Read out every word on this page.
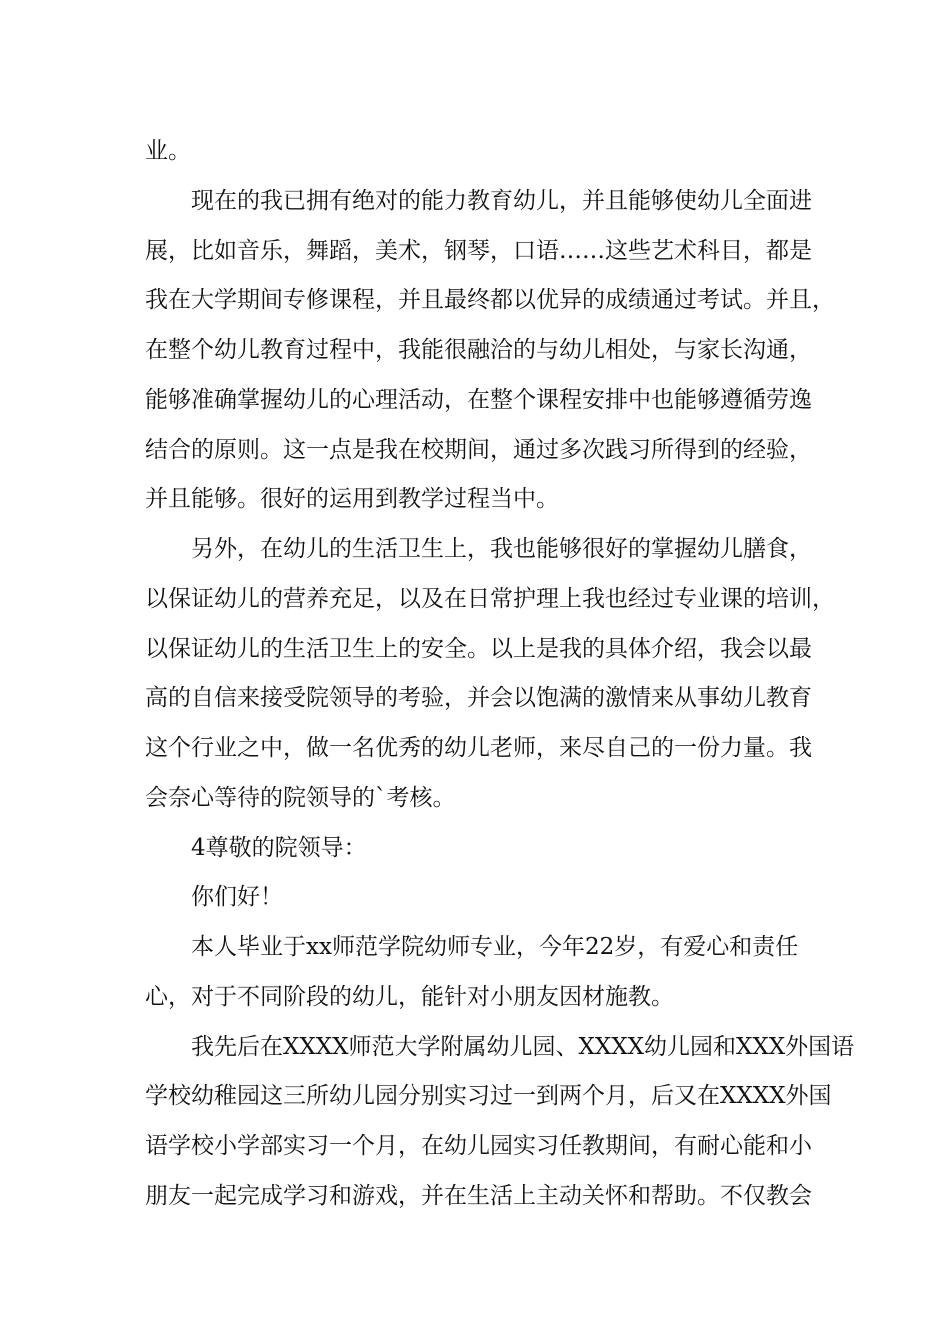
业。
现在的我已拥有绝对的能力教育幼儿，并且能够使幼儿全面进
展，比如音乐，舞蹈，美术，钢琴，口语……这些艺术科目，都是
我在大学期间专修课程，并且最终都以优异的成绩通过考试。并且，
在整个幼儿教育过程中，我能很融洽的与幼儿相处，与家长沟通，
能够准确掌握幼儿的心理活动，在整个课程安排中也能够遵循劳逸
结合的原则。这一点是我在校期间，通过多次践习所得到的经验，
并且能够。很好的运用到教学过程当中。
另外，在幼儿的生活卫生上，我也能够很好的掌握幼儿膳食，
以保证幼儿的营养充足，以及在日常护理上我也经过专业课的培训，
以保证幼儿的生活卫生上的安全。以上是我的具体介绍，我会以最
高的自信来接受院领导的考验，并会以饱满的激情来从事幼儿教育
这个行业之中，做一名优秀的幼儿老师，来尽自己的一份力量。我
会奈心等待的院领导的`考核。
4尊敬的院领导：
你们好！
本人毕业于xx师范学院幼师专业，今年22岁，有爱心和责任
心，对于不同阶段的幼儿，能针对小朋友因材施教。
我先后在XXXX师范大学附属幼儿园、XXXX幼儿园和XXX外国语
学校幼稚园这三所幼儿园分别实习过一到两个月，后又在XXXX外国
语学校小学部实习一个月，在幼儿园实习任教期间，有耐心能和小
朋友一起完成学习和游戏，并在生活上主动关怀和帮助。不仅教会
